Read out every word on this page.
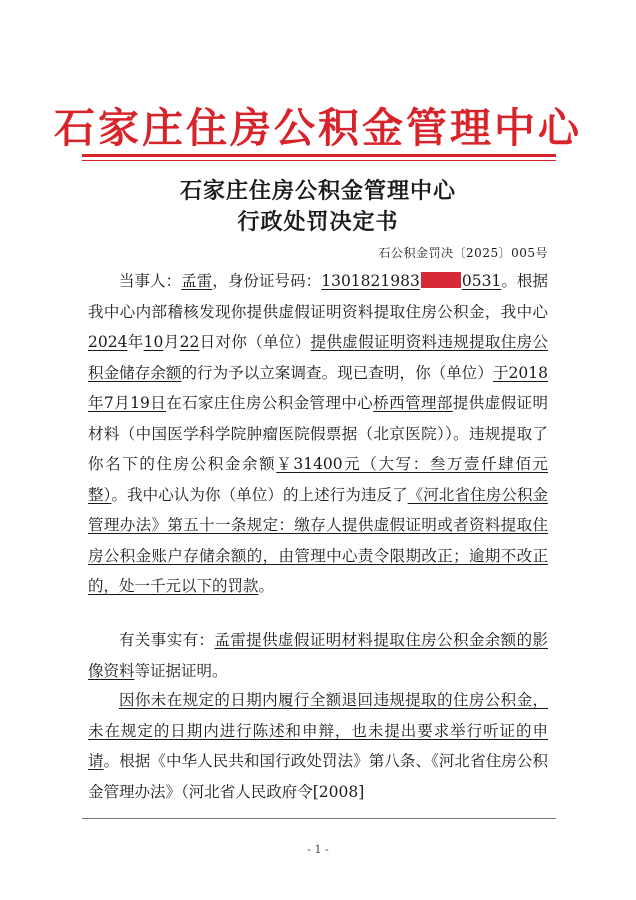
石家庄住房公积金管理中心
石家庄住房公积金管理中心
行政处罚决定书
石公积金罚决〔2025〕005号

当事人：孟雷，身份证号码：1301821983	0531。根据我中心内部稽核发现你提供虚假证明资料提取住房公积金，我中心2024年10月22日对你（单位）提供虚假证明资料违规提取住房公积金储存余额的行为予以立案调查。现已查明，你（单位）于2018年7月19日在石家庄住房公积金管理中心桥西管理部提供虚假证明材料（中国医学科学院肿瘤医院假票据（北京医院））。违规提取了你名下的住房公积金余额￥31400元（大写：叁万壹仟肆佰元整）。我中心认为你（单位）的上述行为违反了《河北省住房公积金管理办法》第五十一条规定：缴存人提供虚假证明或者资料提取住房公积金账户存储余额的，由管理中心责令限期改正；逾期不改正的，处一千元以下的罚款。

有关事实有：孟雷提供虚假证明材料提取住房公积金余额的影像资料等证据证明。

因你未在规定的日期内履行全额退回违规提取的住房公积金，未在规定的日期内进行陈述和申辩，也未提出要求举行听证的申请。根据《中华人民共和国行政处罚法》第八条、《河北省住房公积金管理办法》（河北省人民政府令[2008]

- 1 -
